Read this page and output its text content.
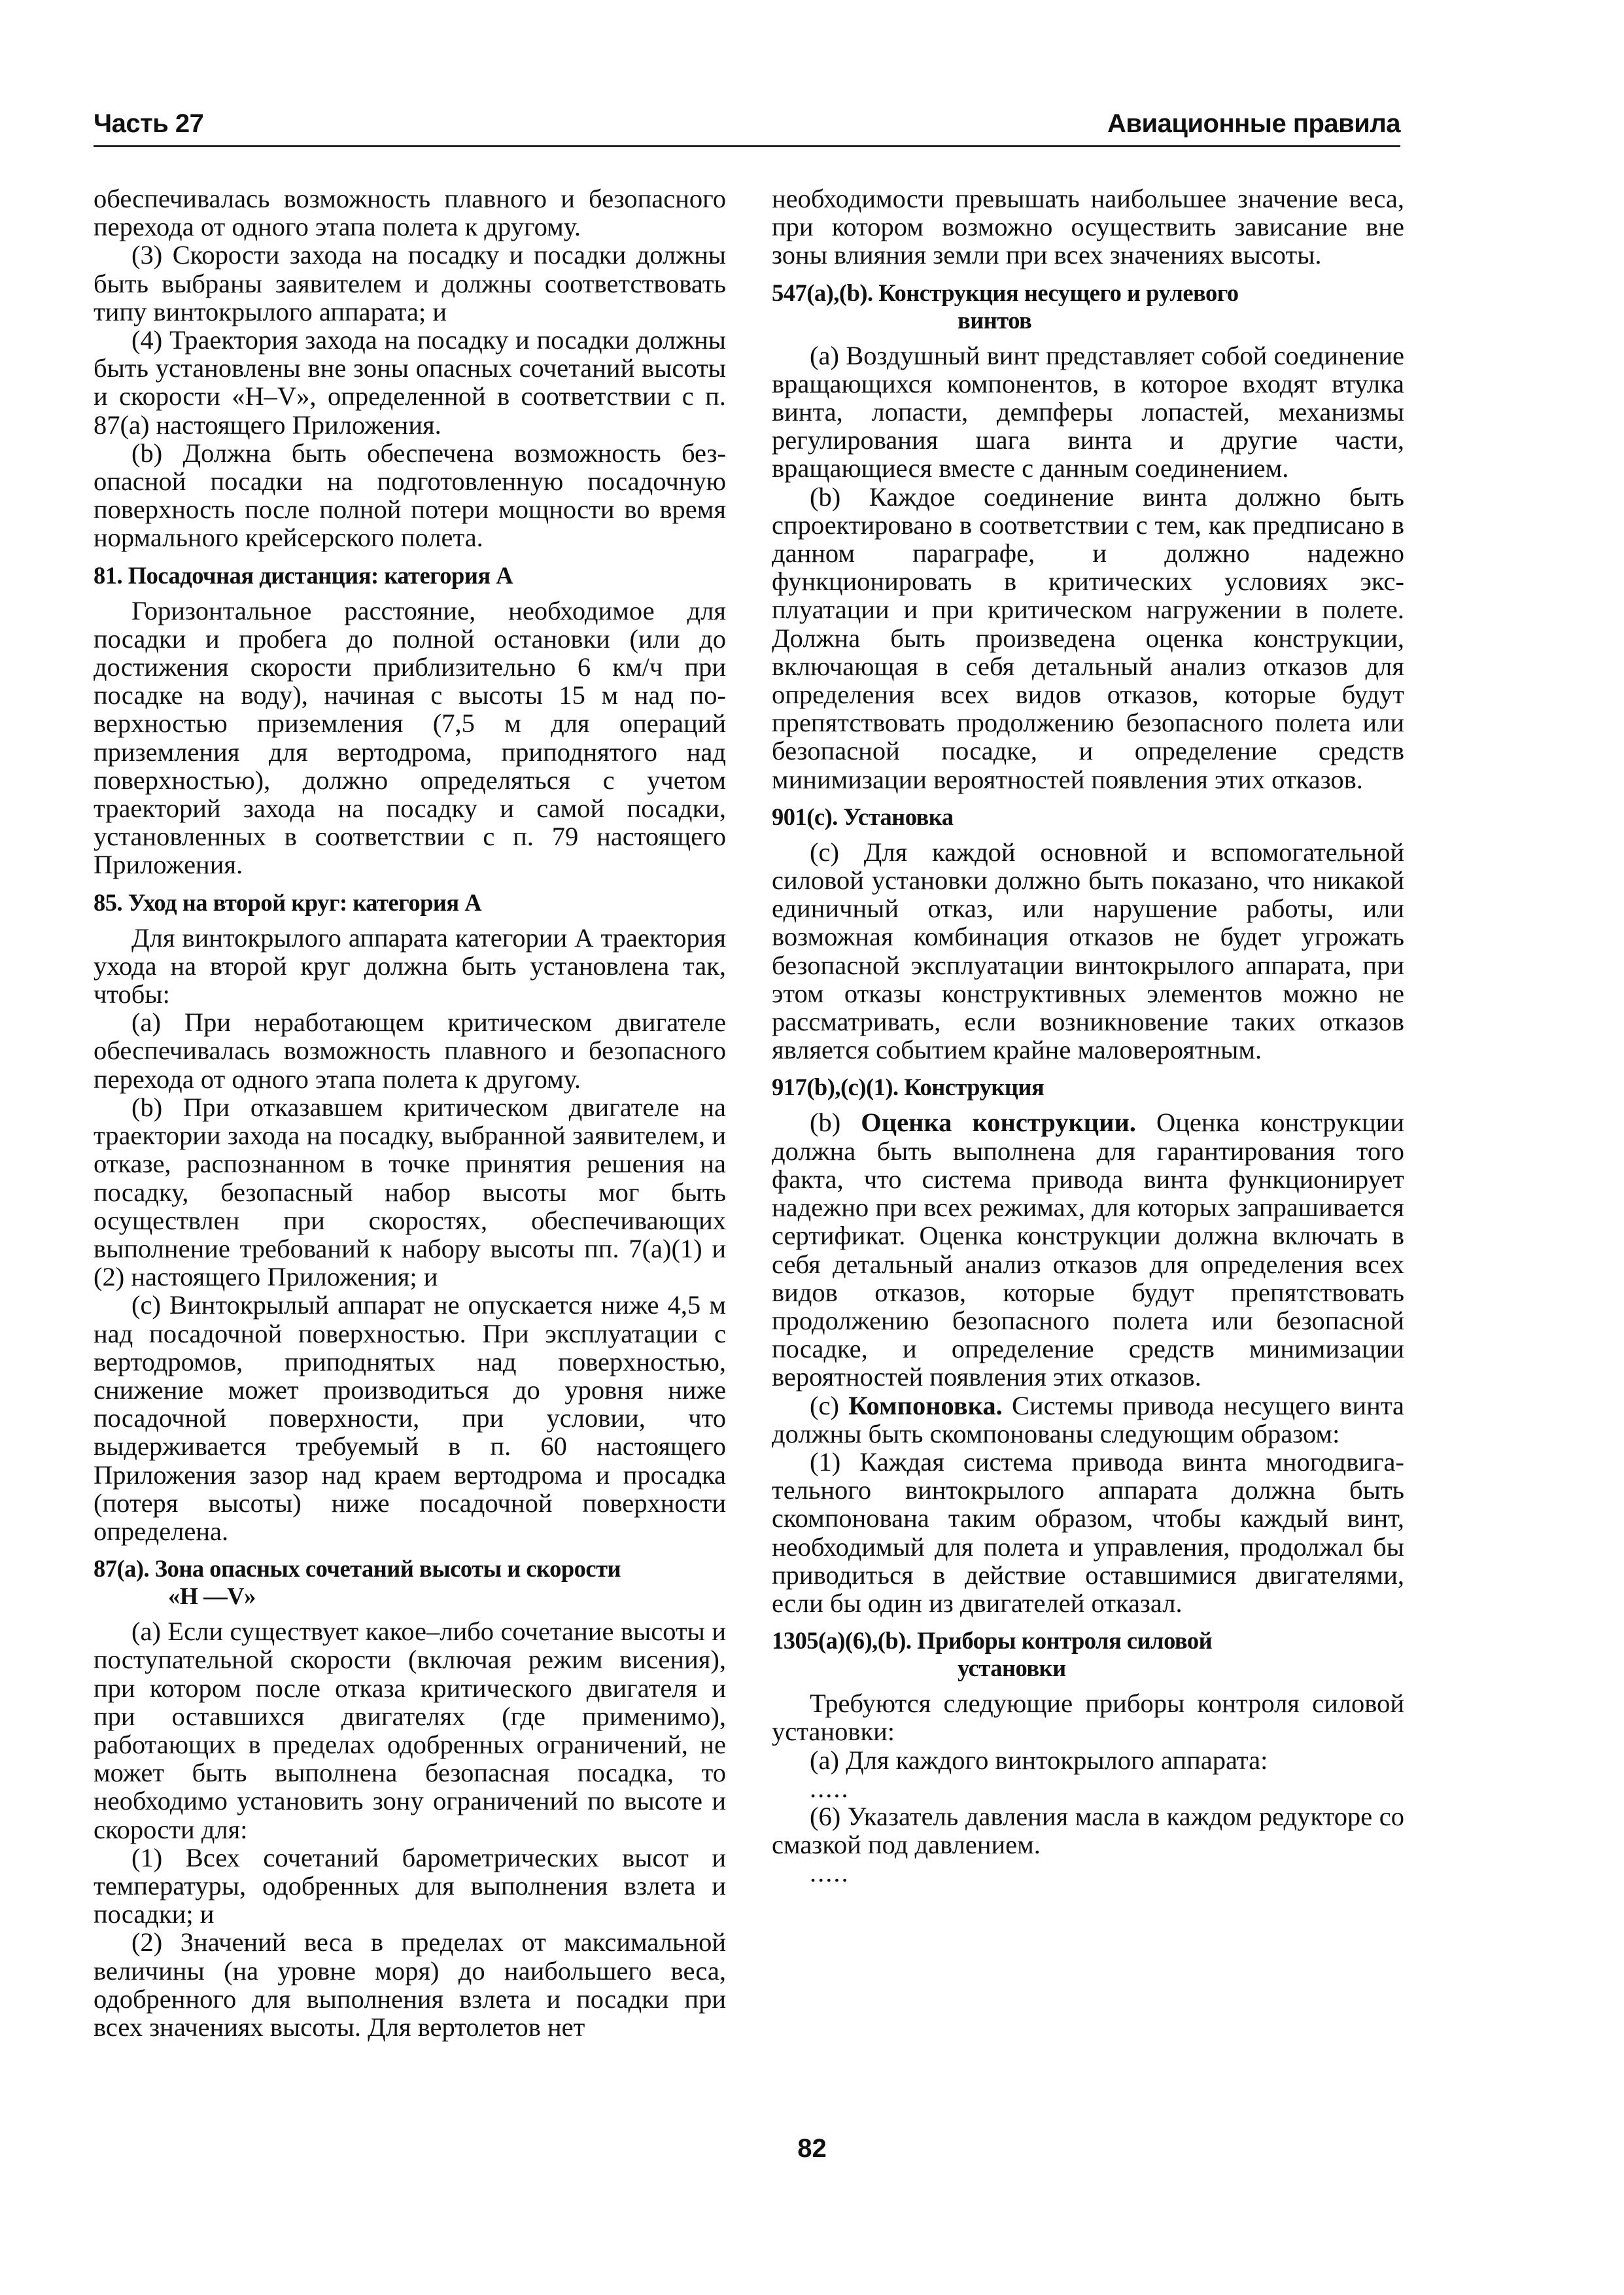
Часть 27	Авиационные правила

обеспечивалась возможность плавного и безопасного перехода от одного этапа полета к другому.

(3) Скорости захода на посадку и посадки должны быть выбраны заявителем и должны соответствовать типу винтокрылого аппарата; и

(4) Траектория захода на посадку и посадки должны быть установлены вне зоны опасных сочетаний высоты и скорости «H–V», определенной в соответствии с п. 87(а) настоящего Приложения.

(b) Должна быть обеспечена возможность безопасной посадки на подготовленную посадочную поверхность после полной потери мощности во время нормального крейсерского полета.

81. Посадочная дистанция: категория А

Горизонтальное расстояние, необходимое для посадки и пробега до полной остановки (или до достижения скорости приблизительно 6 км/ч при посадке на воду), начиная с высоты 15 м над поверхностью приземления (7,5 м для операций приземления для вертодрома, приподнятого над поверхностью), должно определяться с учетом траекторий захода на посадку и самой посадки, установленных в соответствии с п. 79 настоящего Приложения.

85. Уход на второй круг: категория А

Для винтокрылого аппарата категории А траектория ухода на второй круг должна быть установлена так, чтобы:

(а) При неработающем критическом двигателе обеспечивалась возможность плавного и безопасного перехода от одного этапа полета к другому.

(b) При отказавшем критическом двигателе на траектории захода на посадку, выбранной заявителем, и отказе, распознанном в точке принятия решения на посадку, безопасный набор высоты мог быть осуществлен при скоростях, обеспечивающих выполнение требований к набору высоты пп. 7(а)(1) и (2) настоящего Приложения; и

(c) Винтокрылый аппарат не опускается ниже 4,5 м над посадочной поверхностью. При эксплуатации с вертодромов, приподнятых над поверхностью, снижение может производиться до уровня ниже посадочной поверхности, при условии, что выдерживается требуемый в п. 60 настоящего Приложения зазор над краем вертодрома и просадка (потеря высоты) ниже посадочной поверхности определена.

87(a). Зона опасных сочетаний высоты и скорости
«H —V»

(а) Если существует какое–либо сочетание высоты и поступательной скорости (включая режим висения), при котором после отказа критического двигателя и при оставшихся двигателях (где применимо), работающих в пределах одобренных ограничений, не может быть выполнена безопасная посадка, то необходимо установить зону ограничений по высоте и скорости для:

(1) Всех сочетаний барометрических высот и температуры, одобренных для выполнения взлета и посадки; и

(2) Значений веса в пределах от максимальной величины (на уровне моря) до наибольшего веса, одобренного для выполнения взлета и посадки при всех значениях высоты. Для вертолетов нет

необходимости превышать наибольшее значение веса, при котором возможно осуществить зависание вне зоны влияния земли при всех значениях высоты.

547(a),(b). Конструкция несущего и рулевого
винтов

(a) Воздушный винт представляет собой соединение вращающихся компонентов, в которое входят втулка винта, лопасти, демпферы лопастей, механизмы регулирования шага винта и другие части, вращающиеся вместе с данным соединением.

(b) Каждое соединение винта должно быть спроектировано в соответствии с тем, как предписано в данном параграфе, и должно надежно функционировать в критических условиях эксплуатации и при критическом нагружении в полете. Должна быть произведена оценка конструкции, включающая в себя детальный анализ отказов для определения всех видов отказов, которые будут препятствовать продолжению безопасного полета или безопасной посадке, и определение средств минимизации вероятностей появления этих отказов.

901(c). Установка

(c) Для каждой основной и вспомогательной силовой установки должно быть показано, что никакой единичный отказ, или нарушение работы, или возможная комбинация отказов не будет угрожать безопасной эксплуатации винтокрылого аппарата, при этом отказы конструктивных элементов можно не рассматривать, если возникновение таких отказов является событием крайне маловероятным.

917(b),(c)(1). Конструкция

(b) Оценка конструкции. Оценка конструкции должна быть выполнена для гарантирования того факта, что система привода винта функционирует надежно при всех режимах, для которых запрашивается сертификат. Оценка конструкции должна включать в себя детальный анализ отказов для определения всех видов отказов, которые будут препятствовать продолжению безопасного полета или безопасной посадке, и определение средств минимизации вероятностей появления этих отказов.

(c) Компоновка. Системы привода несущего винта должны быть скомпонованы следующим образом:

(1) Каждая система привода винта многодвигательного винтокрылого аппарата должна быть скомпонована таким образом, чтобы каждый винт, необходимый для полета и управления, продолжал бы приводиться в действие оставшимися двигателями, если бы один из двигателей отказал.

1305(a)(6),(b). Приборы контроля силовой
установки

Требуются следующие приборы контроля силовой установки:

(а) Для каждого винтокрылого аппарата:

.....

(6) Указатель давления масла в каждом редукторе со смазкой под давлением.

.....

82
